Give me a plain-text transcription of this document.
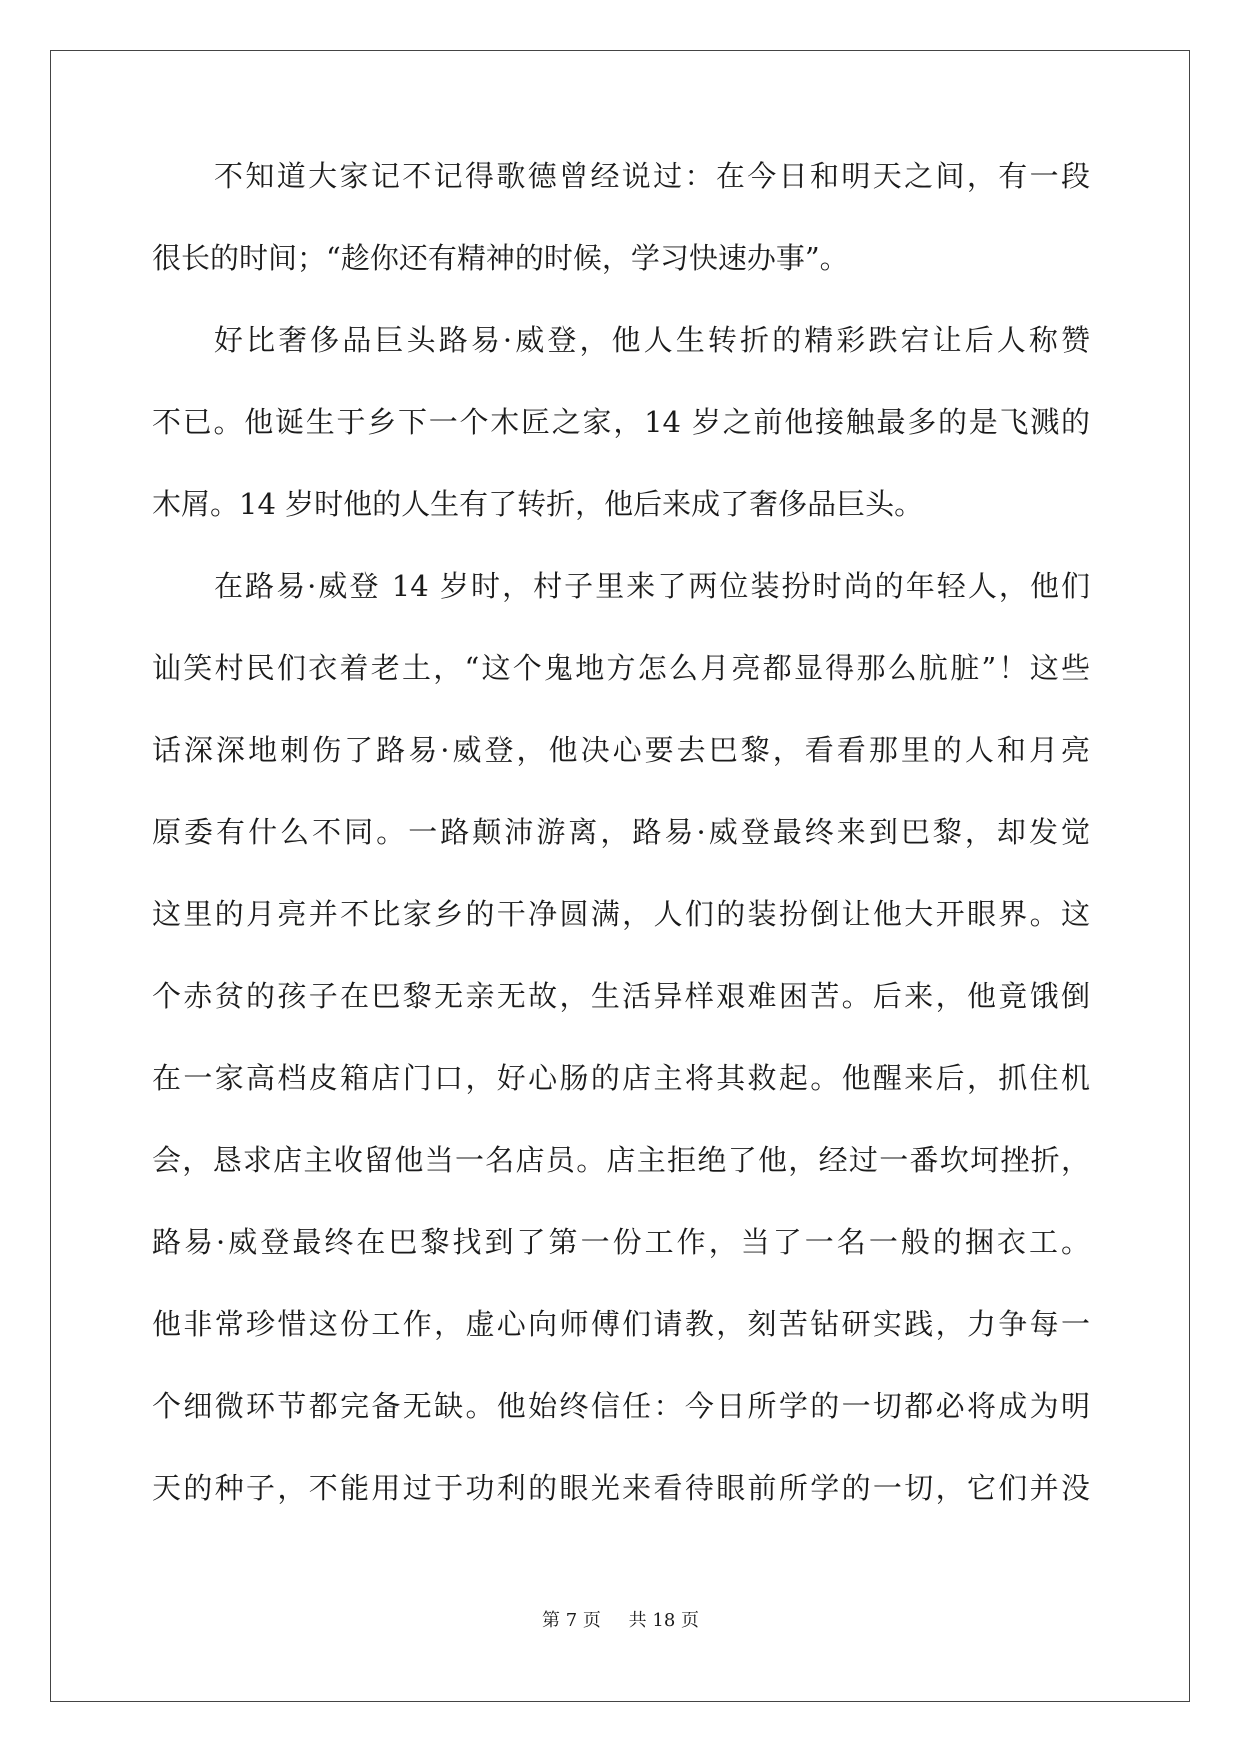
不知道大家记不记得歌德曾经说过：在今日和明天之间，有一段
很长的时间；“趁你还有精神的时候，学习快速办事”。
好比奢侈品巨头路易·威登，他人生转折的精彩跌宕让后人称赞
不已。他诞生于乡下一个木匠之家，14 岁之前他接触最多的是飞溅的
木屑。14 岁时他的人生有了转折，他后来成了奢侈品巨头。
在路易·威登 14 岁时，村子里来了两位装扮时尚的年轻人，他们
讪笑村民们衣着老土，“这个鬼地方怎么月亮都显得那么肮脏”！这些
话深深地刺伤了路易·威登，他决心要去巴黎，看看那里的人和月亮
原委有什么不同。一路颠沛游离，路易·威登最终来到巴黎，却发觉
这里的月亮并不比家乡的干净圆满，人们的装扮倒让他大开眼界。这
个赤贫的孩子在巴黎无亲无故，生活异样艰难困苦。后来，他竟饿倒
在一家高档皮箱店门口，好心肠的店主将其救起。他醒来后，抓住机
会，恳求店主收留他当一名店员。店主拒绝了他，经过一番坎坷挫折，
路易·威登最终在巴黎找到了第一份工作，当了一名一般的捆衣工。
他非常珍惜这份工作，虚心向师傅们请教，刻苦钻研实践，力争每一
个细微环节都完备无缺。他始终信任：今日所学的一切都必将成为明
天的种子，不能用过于功利的眼光来看待眼前所学的一切，它们并没
第 7 页 共 18 页
